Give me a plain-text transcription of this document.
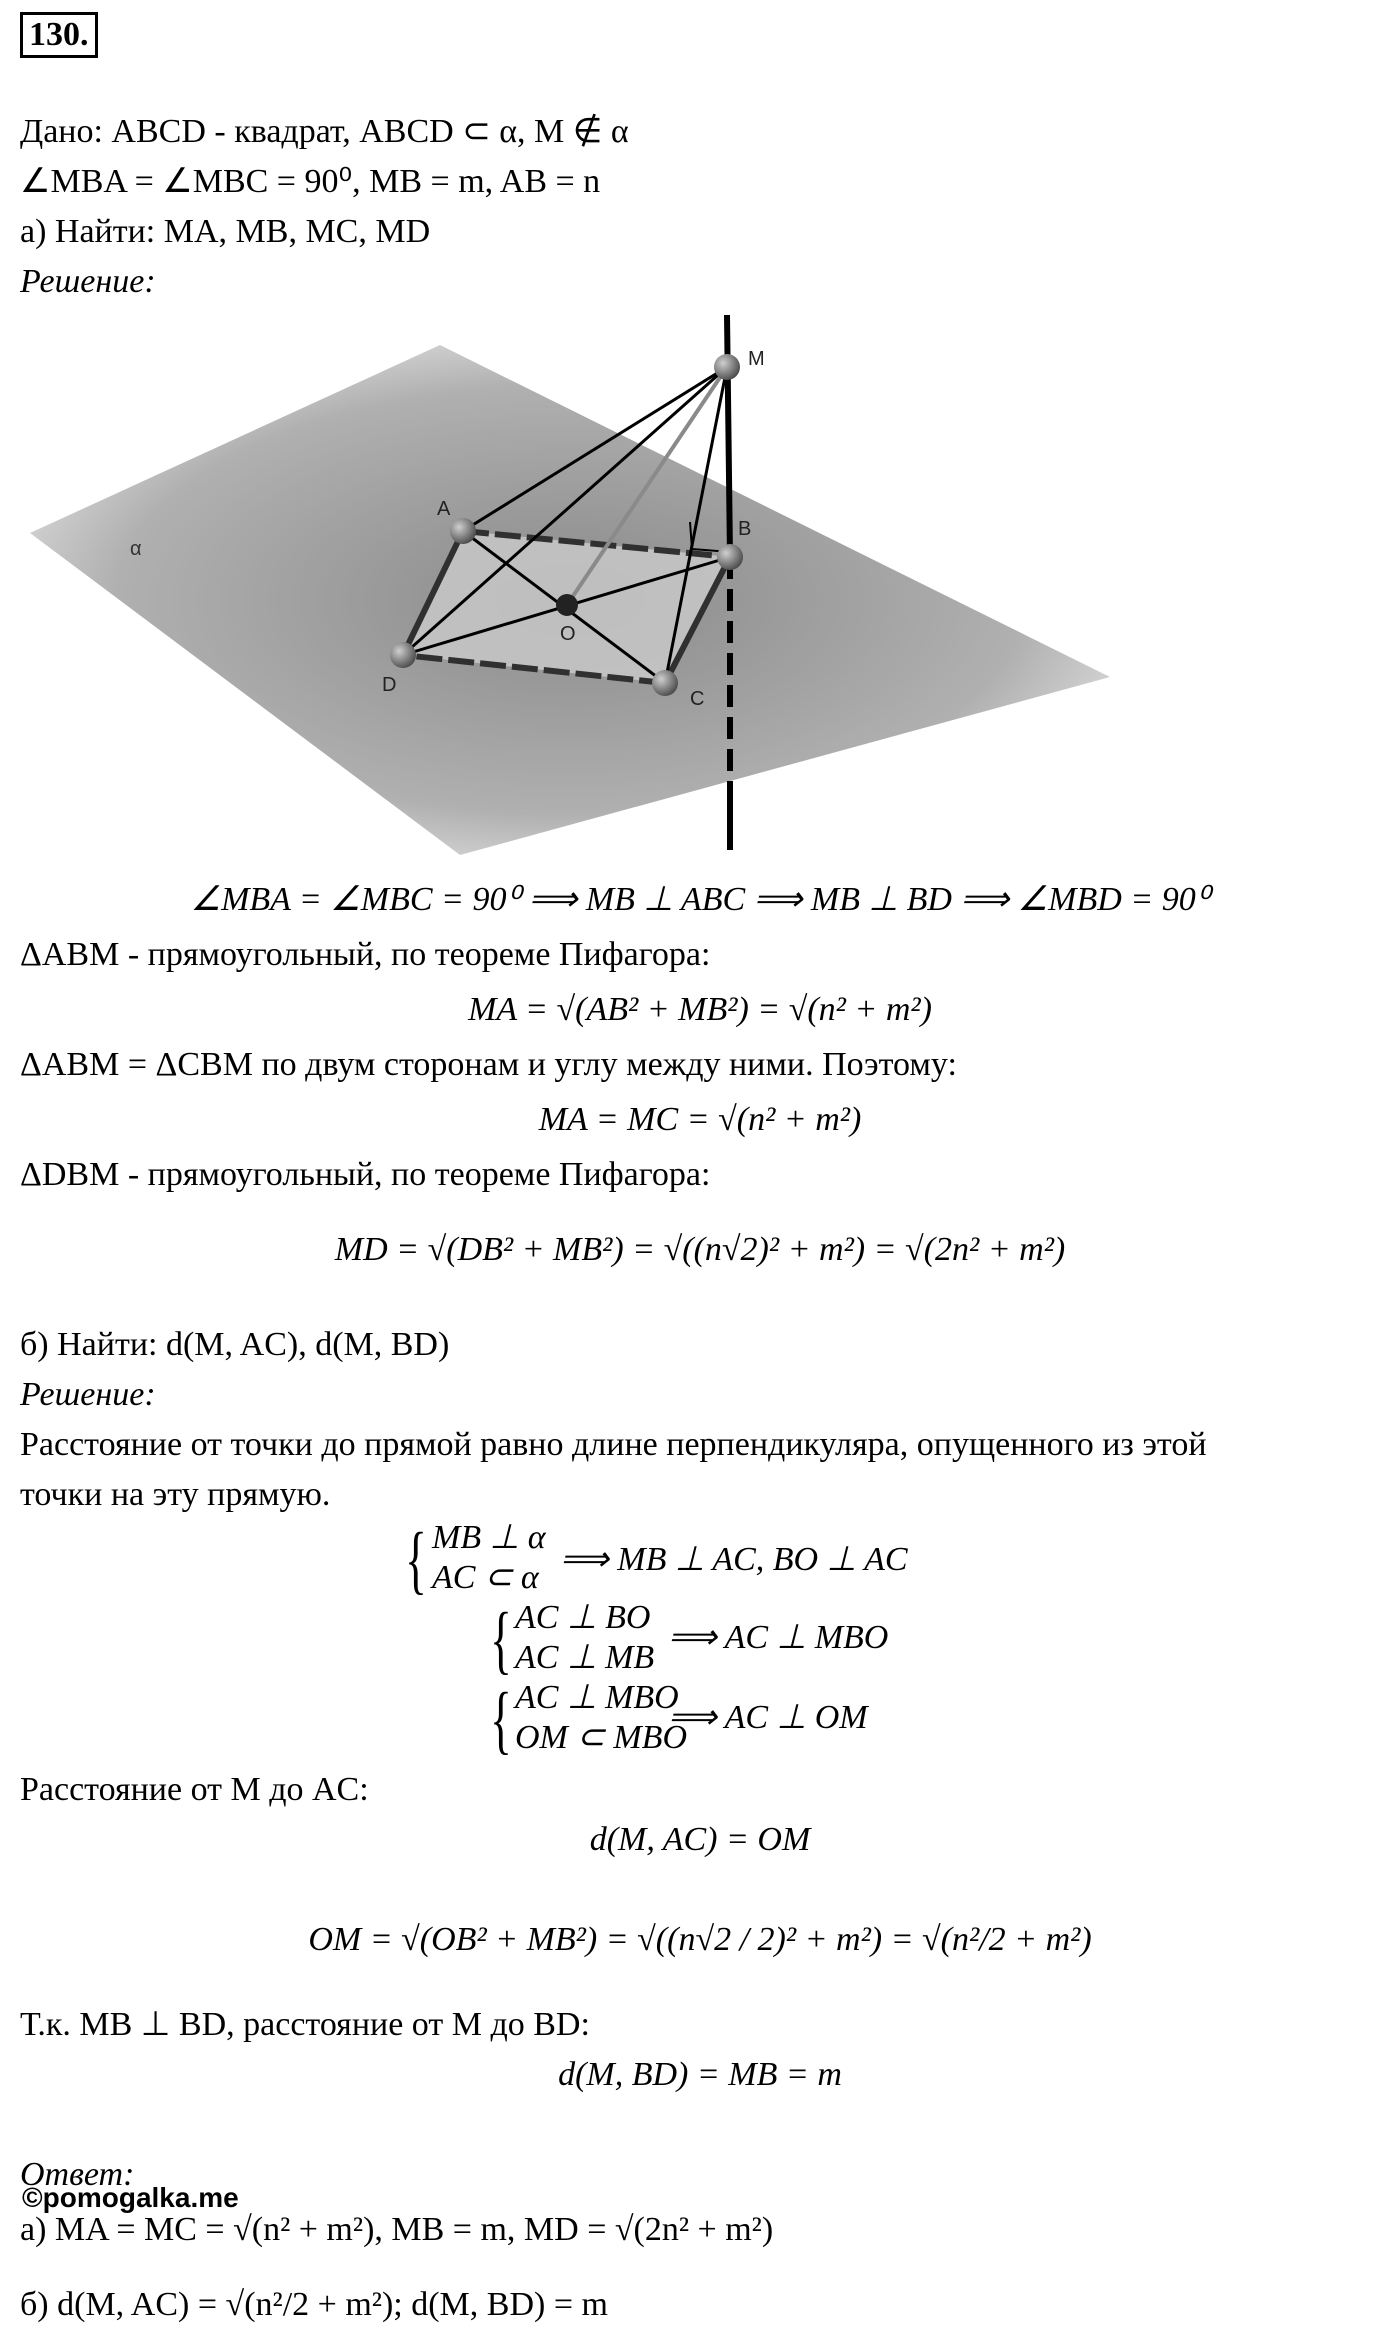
130.
Дано: ABCD - квадрат, ABCD ⊂ α, M ∉ α
∠MBA = ∠MBC = 90⁰, MB = m, AB = n
а) Найти: MA, MB, MC, MD
Решение:
α
M
A
B
C
D
O
∠MBA = ∠MBC = 90⁰ ⟹ MB ⊥ ABC ⟹ MB ⊥ BD ⟹ ∠MBD = 90⁰
ΔABM - прямоугольный, по теореме Пифагора:
MA = √(AB² + MB²) = √(n² + m²)
ΔABM = ΔCBM по двум сторонам и углу между ними. Поэтому:
MA = MC = √(n² + m²)
ΔDBM - прямоугольный, по теореме Пифагора:
MD = √(DB² + MB²) = √((n√2)² + m²) = √(2n² + m²)
б) Найти: d(M, AC), d(M, BD)
Решение:
Расстояние от точки до прямой равно длине перпендикуляра, опущенного из этой
точки на эту прямую.
{ MB ⊥ α
AC ⊂ α ⟹ MB ⊥ AC, BO ⊥ AC
{ AC ⊥ BO
AC ⊥ MB
⟹ AC ⊥ MBO
{ AC ⊥ MBO
OM ⊂ MBO
⟹ AC ⊥ OM
Расстояние от M до AC:
d(M, AC) = OM
OM = √(OB² + MB²) = √((n√2 / 2)² + m²) = √(n²/2 + m²)
Т.к. MB ⊥ BD, расстояние от M до BD:
d(M, BD) = MB = m
Ответ:
©pomogalka.me
а) MA = MC = √(n² + m²), MB = m, MD = √(2n² + m²)
б) d(M, AC) = √(n²/2 + m²); d(M, BD) = m
